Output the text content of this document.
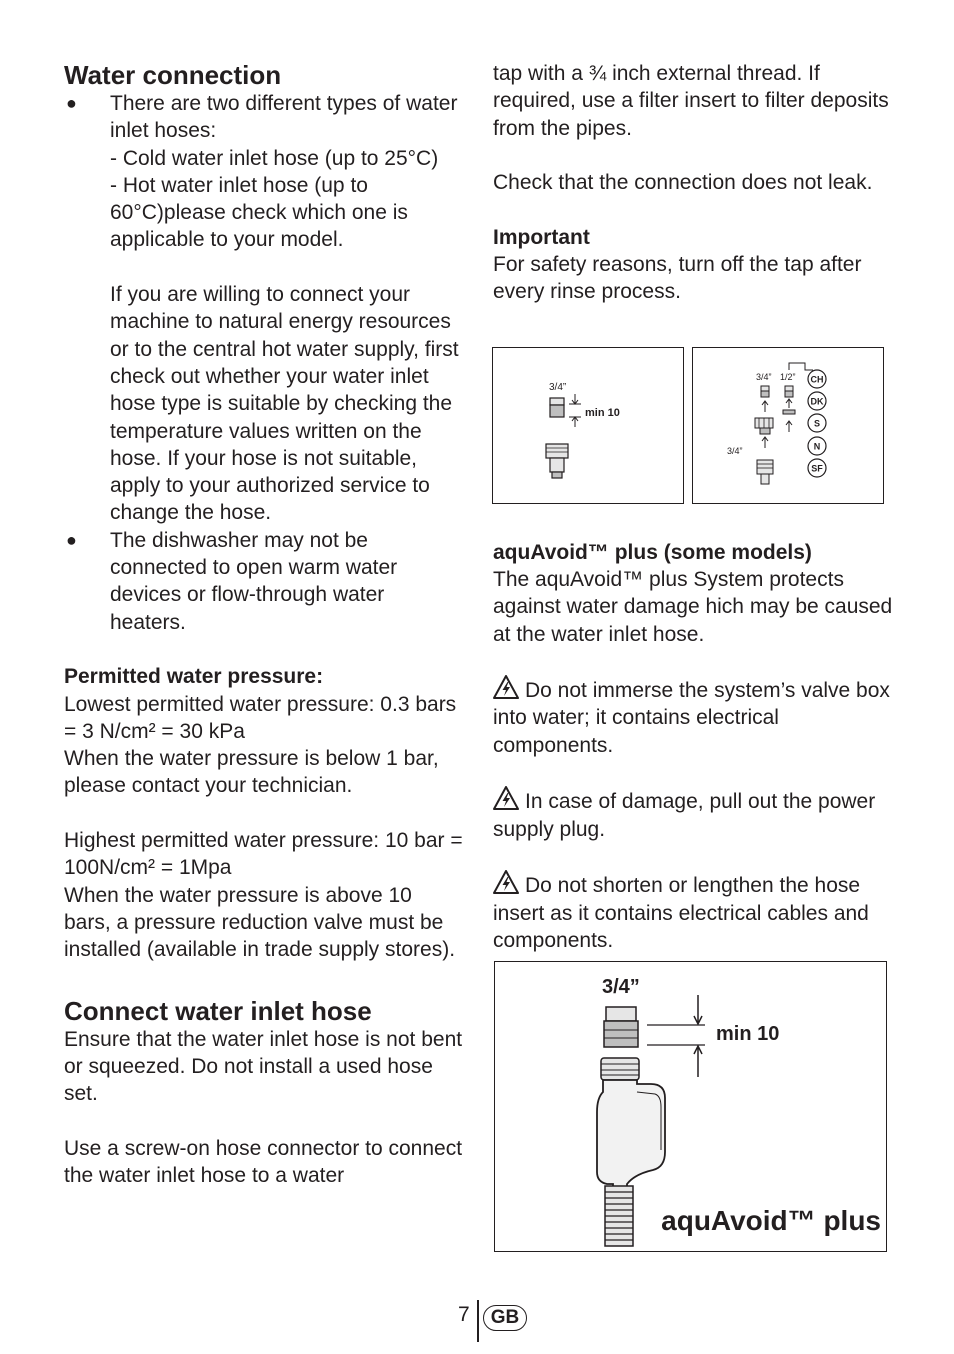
Water connection
● There are two different types of water inlet hoses:

- Cold water inlet hose (up to 25°C)

- Hot water inlet hose (up to 60°C)please check which one is applicable to your model.

If you are willing to connect your machine to natural energy resources or to the central hot water supply, first check out whether your water inlet hose type is suitable by checking the temperature values written on the hose. If your hose is not suitable, apply to your authorized service to change the hose.

● The dishwasher may not be connected to open warm water devices or flow-through water heaters.

Permitted water pressure:

Lowest permitted water pressure: 0.3 bars = 3 N/cm² = 30 kPa

When the water pressure is below 1 bar, please contact your technician.

Highest permitted water pressure: 10 bar = 100N/cm² = 1Mpa

When the water pressure is above 10 bars, a pressure reduction valve must be installed (available in trade supply stores).

Connect water inlet hose

Ensure that the water inlet hose is not bent or squeezed. Do not install a used hose set.

Use a screw-on hose connector to connect the water inlet hose to a water

tap with a ¾ inch external thread. If required, use a filter insert to filter deposits from the pipes.

Check that the connection does not leak.

Important

For safety reasons, turn off the tap after every rinse process.

aquAvoid™ plus (some models)

The aquAvoid™ plus System protects against water damage hich may be caused at the water inlet hose.

Do not immerse the system’s valve box into water; it contains electrical components.

In case of damage, pull out the power supply plug.

Do not shorten or lengthen the hose insert as it contains electrical cables and components.

3/4”
min 10
3/4” 1/2”
3/4”
CH
DK
S
N
SF
3/4”
min 10
aquAvoid™ plus
7	GB
